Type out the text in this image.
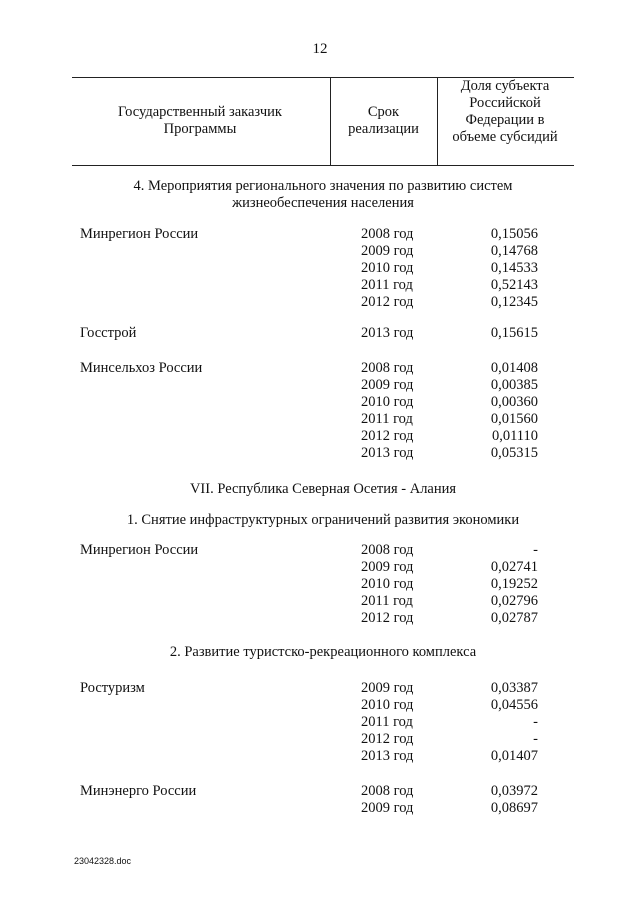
12
Государственный заказчик Программы
Срок реализации
Доля субъекта Российской Федерации в объеме субсидий
4. Мероприятия регионального значения по развитию систем жизнеобеспечения населения
VII. Республика Северная Осетия - Алания
1. Снятие инфраструктурных ограничений развития экономики
2. Развитие туристско-рекреационного комплекса
Минрегион России	2008 год	0,15056
2009 год	0,14768
2010 год	0,14533
2011 год	0,52143
2012 год	0,12345
Госстрой	2013 год	0,15615
Минсельхоз России	2008 год	0,01408
2009 год	0,00385
2010 год	0,00360
2011 год	0,01560
2012 год	0,01110
2013 год	0,05315
Минрегион России	2008 год	-
2009 год	0,02741
2010 год	0,19252
2011 год	0,02796
2012 год	0,02787
Ростуризм	2009 год	0,03387
2010 год	0,04556
2011 год	-
2012 год	-
2013 год	0,01407
Минэнерго России	2008 год	0,03972
2009 год	0,08697
23042328.doc
